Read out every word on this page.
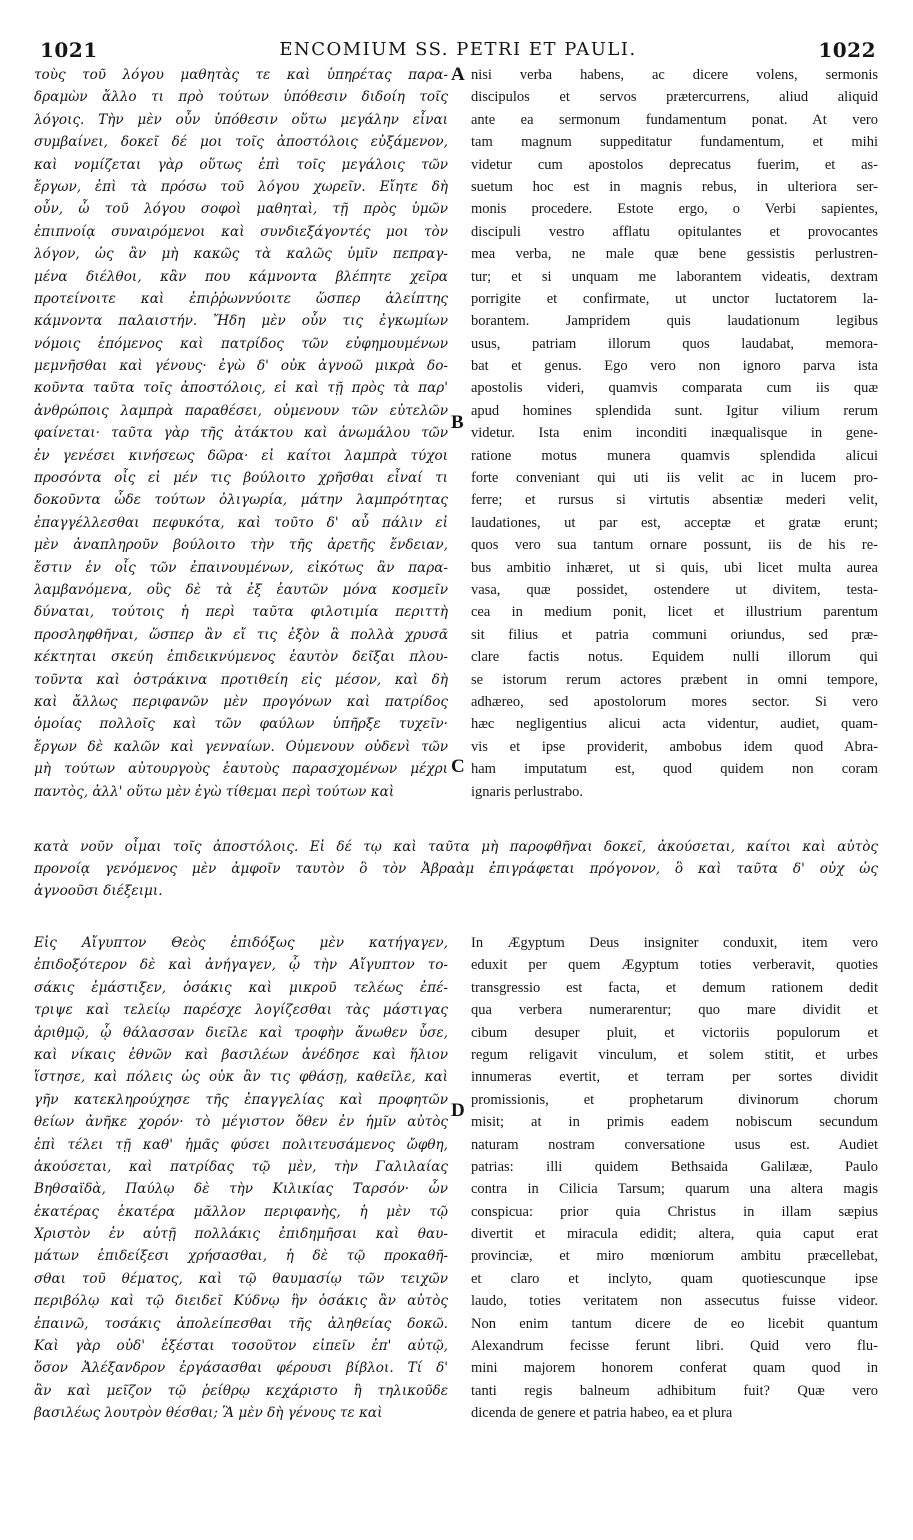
1021	ENCOMIUM SS. PETRI ET PAULI.	1022
τοὺς τοῦ λόγου μαθητὰς τε καὶ ὑπηρέτας παρα-
δραμὼν ἄλλο τι πρὸ τούτων ὑπόθεσιν διδοίη τοῖς
λόγοις. Τὴν μὲν οὖν ὑπόθεσιν οὕτω μεγάλην εἶναι
συμβαίνει, δοκεῖ δέ μοι τοῖς ἀποστόλοις εὐξάμενον,
καὶ νομίζεται γὰρ οὕτως ἐπὶ τοῖς μεγάλοις τῶν
ἔργων, ἐπὶ τὰ πρόσω τοῦ λόγου χωρεῖν. Εἴητε δὴ
οὖν, ὦ τοῦ λόγου σοφοὶ μαθηταὶ, τῇ πρὸς ὑμῶν
ἐπιπνοίᾳ συναιρόμενοι καὶ συνδιεξάγοντές μοι τὸν
λόγον, ὡς ἂν μὴ κακῶς τὰ καλῶς ὑμῖν πεπραγ-
μένα διέλθοι, κἂν που κάμνοντα βλέπητε χεῖρα
προτείνοιτε καὶ ἐπιῤῥωννύοιτε ὥσπερ ἀλείπτης
κάμνοντα παλαιστήν. Ἤδη μὲν οὖν τις ἐγκωμίων
νόμοις ἑπόμενος καὶ πατρίδος τῶν εὐφημουμένων
μεμνῆσθαι καὶ γένους· ἐγὼ δ' οὐκ ἀγνοῶ μικρὰ δο-
κοῦντα ταῦτα τοῖς ἀποστόλοις, εἰ καὶ τῇ πρὸς τὰ παρ'
ἀνθρώποις λαμπρὰ παραθέσει, οὐμενουν τῶν εὐτελῶν
φαίνεται· ταῦτα γὰρ τῆς ἀτάκτου καὶ ἀνωμάλου τῶν
ἐν γενέσει κινήσεως δῶρα· εἰ καίτοι λαμπρὰ τύχοι
προσόντα οἷς εἰ μέν τις βούλοιτο χρῆσθαι εἶναί τι
δοκοῦντα ὧδε τούτων ὀλιγωρία, μάτην λαμπρότητας
ἐπαγγέλλεσθαι πεφυκότα, καὶ τοῦτο δ' αὖ πάλιν εἰ
μὲν ἀναπληροῦν βούλοιτο τὴν τῆς ἀρετῆς ἔνδειαν,
ἔστιν ἐν οἷς τῶν ἐπαινουμένων, εἰκότως ἂν παρα-
λαμβανόμενα, οὓς δὲ τὰ ἐξ ἑαυτῶν μόνα κοσμεῖν
δύναται, τούτοις ἡ περὶ ταῦτα φιλοτιμία περιττὴ
προσληφθῆναι, ὥσπερ ἂν εἴ τις ἐξὸν ἃ πολλὰ χρυσᾶ
κέκτηται σκεύη ἐπιδεικνύμενος ἑαυτὸν δεῖξαι πλου-
τοῦντα καὶ ὀστράκινα προτιθείη εἰς μέσον, καὶ δὴ
καὶ ἄλλως περιφανῶν μὲν προγόνων καὶ πατρίδος
ὁμοίας πολλοῖς καὶ τῶν φαύλων ὑπῆρξε τυχεῖν·
ἔργων δὲ καλῶν καὶ γενναίων. Οὐμενουν οὐδενὶ τῶν
μὴ τούτων αὐτουργοὺς ἑαυτοὺς παρασχομένων μέχρι
παντὸς, ἀλλ' οὕτω μὲν ἐγὼ τίθεμαι περὶ τούτων καὶ
nisi verba habens, ac dicere volens, sermonis
discipulos et servos prætercurrens, aliud aliquid
ante ea sermonum fundamentum ponat. At vero
tam magnum suppeditatur fundamentum, et mihi
videtur cum apostolos deprecatus fuerim, et as-
suetum hoc est in magnis rebus, in ulteriora ser-
monis procedere. Estote ergo, o Verbi sapientes,
discipuli vestro afflatu opitulantes et provocantes
mea verba, ne male quæ bene gessistis perlustren-
tur; et si unquam me laborantem videatis, dextram
porrigite et confirmate, ut unctor luctatorem la-
borantem. Jampridem quis laudationum legibus
usus, patriam illorum quos laudabat, memora-
bat et genus. Ego vero non ignoro parva ista
apostolis videri, quamvis comparata cum iis quæ
apud homines splendida sunt. Igitur vilium rerum
videtur. Ista enim inconditi inæqualisque in gene-
ratione motus munera quamvis splendida alicui
forte conveniant qui uti iis velit ac in lucem pro-
ferre; et rursus si virtutis absentiæ mederi velit,
laudationes, ut par est, acceptæ et gratæ erunt;
quos vero sua tantum ornare possunt, iis de his re-
bus ambitio inhæret, ut si quis, ubi licet multa aurea
vasa, quæ possidet, ostendere ut divitem, testa-
cea in medium ponit, licet et illustrium parentum
sit filius et patria communi oriundus, sed præ-
clare factis notus. Equidem nulli illorum qui
se istorum rerum actores præbent in omni tempore,
adhæreo, sed apostolorum mores sector. Si vero
hæc negligentius alicui acta videntur, audiet, quam-
vis et ipse providerit, ambobus idem quod Abra-
ham imputatum est, quod quidem non coram
ignaris perlustrabo.
A
B
C
D
κατὰ νοῦν οἶμαι τοῖς ἀποστόλοις. Εἰ δέ τῳ καὶ ταῦτα μὴ παροφθῆναι δοκεῖ, ἀκούσεται, καίτοι καὶ αὐτὸς
προνοίᾳ γενόμενος μὲν ἀμφοῖν ταυτὸν ὃ τὸν Ἀβραὰμ ἐπιγράφεται πρόγονον, ὃ καὶ ταῦτα δ' οὐχ ὡς
ἀγνοοῦσι διέξειμι.
Εἰς Αἴγυπτον Θεὸς ἐπιδόξως μὲν κατήγαγεν,
ἐπιδοξότερον δὲ καὶ ἀνήγαγεν, ᾧ τὴν Αἴγυπτον το-
σάκις ἐμάστιξεν, ὁσάκις καὶ μικροῦ τελέως ἐπέ-
τριψε καὶ τελείῳ παρέσχε λογίζεσθαι τὰς μάστιγας
ἀριθμῷ, ᾧ θάλασσαν διεῖλε καὶ τροφὴν ἄνωθεν ὗσε,
καὶ νίκαις ἐθνῶν καὶ βασιλέων ἀνέδησε καὶ ἥλιον
ἵστησε, καὶ πόλεις ὡς οὐκ ἂν τις φθάσῃ, καθεῖλε, καὶ
γῆν κατεκληρούχησε τῆς ἐπαγγελίας καὶ προφητῶν
θείων ἀνῆκε χορόν· τὸ μέγιστον ὅθεν ἐν ἡμῖν αὐτὸς
ἐπὶ τέλει τῇ καθ' ἡμᾶς φύσει πολιτευσάμενος ὤφθη,
ἀκούσεται, καὶ πατρίδας τῷ μὲν, τὴν Γαλιλαίας
Βηθσαϊδὰ, Παύλῳ δὲ τὴν Κιλικίας Ταρσόν· ὧν
ἑκατέρας ἑκατέρα μᾶλλον περιφανὴς, ἡ μὲν τῷ
Χριστὸν ἐν αὐτῇ πολλάκις ἐπιδημῆσαι καὶ θαυ-
μάτων ἐπιδείξεσι χρήσασθαι, ἡ δὲ τῷ προκαθῆ-
σθαι τοῦ θέματος, καὶ τῷ θαυμασίῳ τῶν τειχῶν
περιβόλῳ καὶ τῷ διειδεῖ Κύδνῳ ἣν ὁσάκις ἂν αὐτὸς
ἐπαινῶ, τοσάκις ἀπολείπεσθαι τῆς ἀληθείας δοκῶ.
Καὶ γὰρ οὐδ' ἐξέσται τοσοῦτον εἰπεῖν ἐπ' αὐτῷ,
ὅσον Ἀλέξανδρον ἐργάσασθαι φέρουσι βίβλοι. Τί δ'
ἂν καὶ μεῖζον τῷ ῥείθρῳ κεχάριστο ἢ τηλικοῦδε
βασιλέως λουτρὸν θέσθαι; Ἃ μὲν δὴ γένους τε καὶ
In Ægyptum Deus insigniter conduxit, item vero
eduxit per quem Ægyptum toties verberavit, quoties
transgressio est facta, et demum rationem dedit
qua verbera numerarentur; quo mare dividit et
cibum desuper pluit, et victoriis populorum et
regum religavit vinculum, et solem stitit, et urbes
innumeras evertit, et terram per sortes dividit
promissionis, et prophetarum divinorum chorum
misit; at in primis eadem nobiscum secundum
naturam nostram conversatione usus est. Audiet
patrias: illi quidem Bethsaida Galilææ, Paulo
contra in Cilicia Tarsum; quarum una altera magis
conspicua: prior quia Christus in illam sæpius
divertit et miracula edidit; altera, quia caput erat
provinciæ, et miro mœniorum ambitu præcellebat,
et claro et inclyto, quam quotiescunque ipse
laudo, toties veritatem non assecutus fuisse videor.
Non enim tantum dicere de eo licebit quantum
Alexandrum fecisse ferunt libri. Quid vero flu-
mini majorem honorem conferat quam quod in
tanti regis balneum adhibitum fuit? Quæ vero
dicenda de genere et patria habeo, ea et plura
